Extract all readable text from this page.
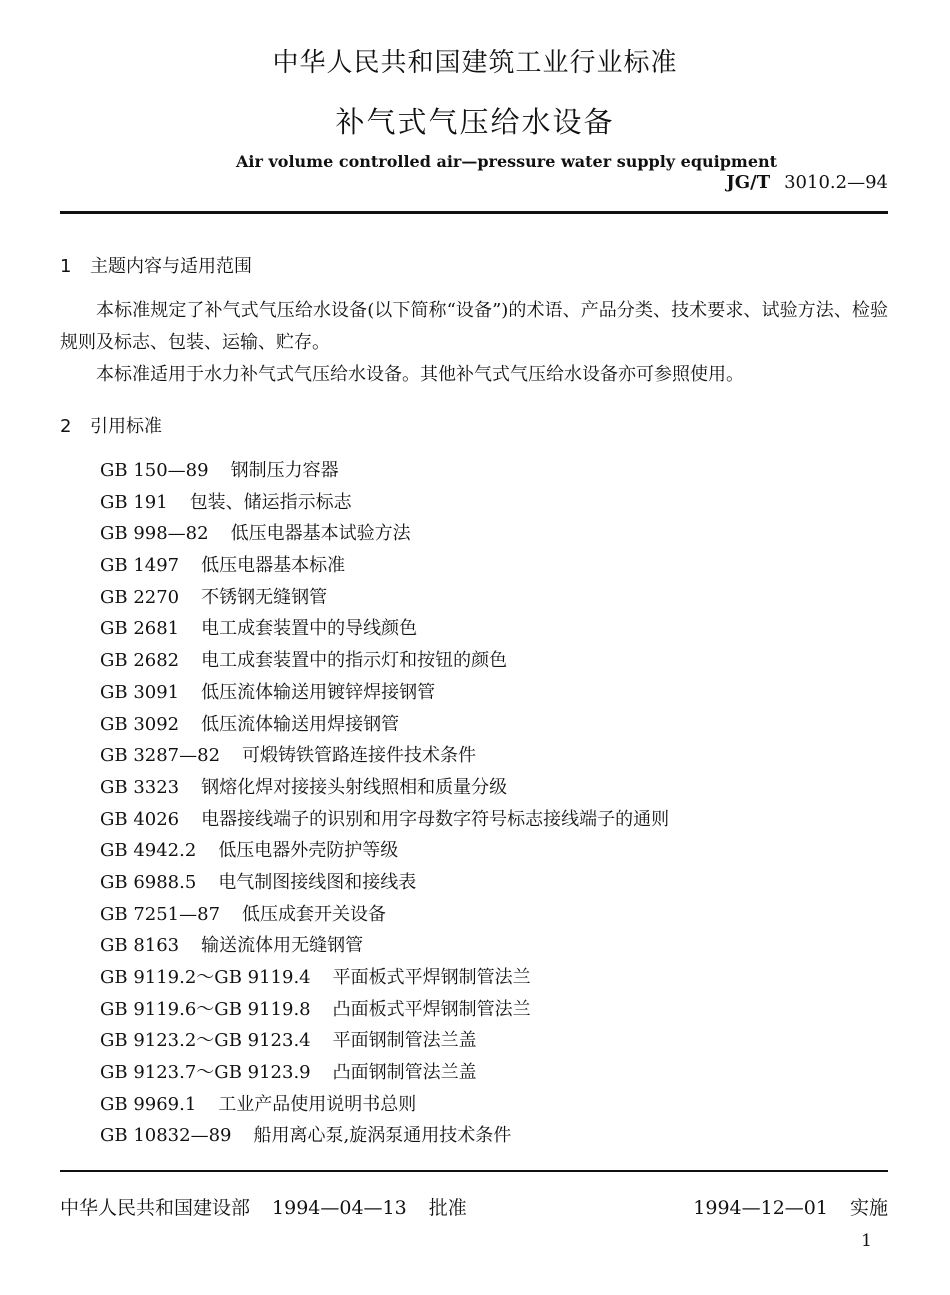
中华人民共和国建筑工业行业标准
补气式气压给水设备
Air volume controlled air—pressure water supply equipment
JG/T 3010.2—94
1 主题内容与适用范围
本标准规定了补气式气压给水设备(以下简称“设备”)的术语、产品分类、技术要求、试验方法、检验规则及标志、包装、运输、贮存。
本标准适用于水力补气式气压给水设备。其他补气式气压给水设备亦可参照使用。
2 引用标准
GB 150—89 钢制压力容器
GB 191 包装、储运指示标志
GB 998—82 低压电器基本试验方法
GB 1497 低压电器基本标准
GB 2270 不锈钢无缝钢管
GB 2681 电工成套装置中的导线颜色
GB 2682 电工成套装置中的指示灯和按钮的颜色
GB 3091 低压流体输送用镀锌焊接钢管
GB 3092 低压流体输送用焊接钢管
GB 3287—82 可煅铸铁管路连接件技术条件
GB 3323 钢熔化焊对接接头射线照相和质量分级
GB 4026 电器接线端子的识别和用字母数字符号标志接线端子的通则
GB 4942.2 低压电器外壳防护等级
GB 6988.5 电气制图接线图和接线表
GB 7251—87 低压成套开关设备
GB 8163 输送流体用无缝钢管
GB 9119.2～GB 9119.4 平面板式平焊钢制管法兰
GB 9119.6～GB 9119.8 凸面板式平焊钢制管法兰
GB 9123.2～GB 9123.4 平面钢制管法兰盖
GB 9123.7～GB 9123.9 凸面钢制管法兰盖
GB 9969.1 工业产品使用说明书总则
GB 10832—89 船用离心泵,旋涡泵通用技术条件
中华人民共和国建设部 1994—04—13 批准	1994—12—01 实施
1
